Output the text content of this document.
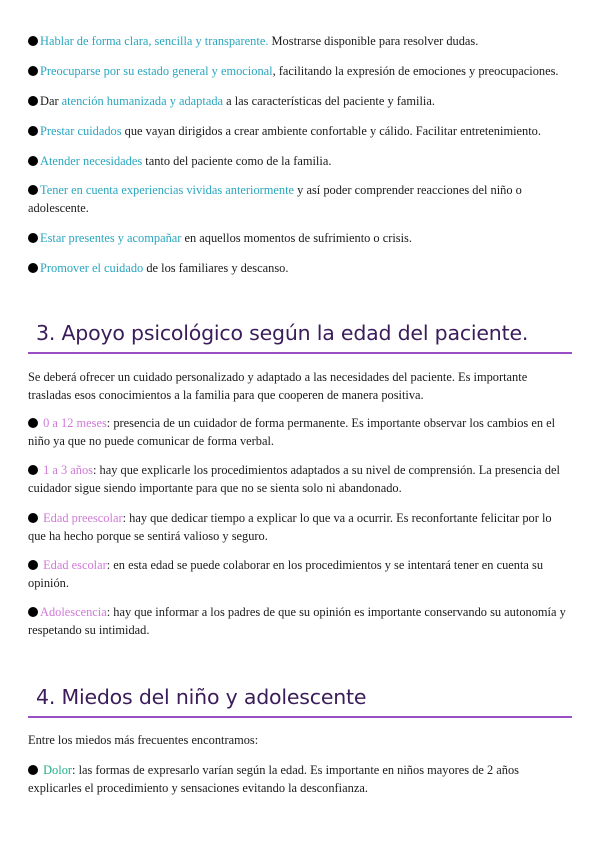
Hablar de forma clara, sencilla y transparente. Mostrarse disponible para resolver dudas.

Preocuparse por su estado general y emocional, facilitando la expresión de emociones y preocupaciones.

Dar atención humanizada y adaptada a las características del paciente y familia.

Prestar cuidados que vayan dirigidos a crear ambiente confortable y cálido. Facilitar entretenimiento.

Atender necesidades tanto del paciente como de la familia.

Tener en cuenta experiencias vividas anteriormente y así poder comprender reacciones del niño o adolescente.

Estar presentes y acompañar en aquellos momentos de sufrimiento o crisis.

Promover el cuidado de los familiares y descanso.

3. Apoyo psicológico según la edad del paciente.

Se deberá ofrecer un cuidado personalizado y adaptado a las necesidades del paciente. Es importante trasladas esos conocimientos a la familia para que cooperen de manera positiva.

0 a 12 meses: presencia de un cuidador de forma permanente. Es importante observar los cambios en el niño ya que no puede comunicar de forma verbal.

1 a 3 años: hay que explicarle los procedimientos adaptados a su nivel de comprensión. La presencia del cuidador sigue siendo importante para que no se sienta solo ni abandonado.

Edad preescolar: hay que dedicar tiempo a explicar lo que va a ocurrir. Es reconfortante felicitar por lo que ha hecho porque se sentirá valioso y seguro.

Edad escolar: en esta edad se puede colaborar en los procedimientos y se intentará tener en cuenta su opinión.

Adolescencia: hay que informar a los padres de que su opinión es importante conservando su autonomía y respetando su intimidad.

4. Miedos del niño y adolescente

Entre los miedos más frecuentes encontramos:

Dolor: las formas de expresarlo varían según la edad. Es importante en niños mayores de 2 años explicarles el procedimiento y sensaciones evitando la desconfianza.
